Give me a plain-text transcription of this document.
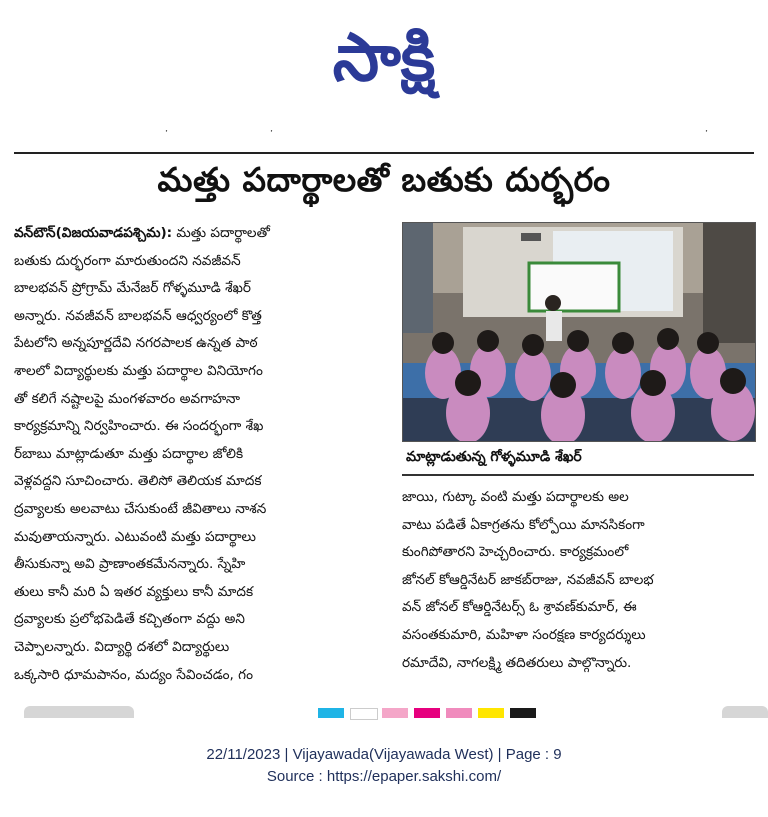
సాక్షి
᾽	᾽	᾽
మత్తు పదార్థాలతో బతుకు దుర్భరం
వన్‌టౌన్(విజయవాడపశ్చిమ): మత్తు పదార్థాలతో
బతుకు దుర్భరంగా మారుతుందని నవజీవన్
బాలభవన్ ప్రోగ్రామ్ మేనేజర్ గోళ్ళమూడి శేఖర్
అన్నారు. నవజీవన్ బాలభవన్ ఆధ్వర్యంలో కొత్త
పేటలోని అన్నపూర్ణదేవి నగరపాలక ఉన్నత పాఠ
శాలలో విద్యార్థులకు మత్తు పదార్థాల వినియోగం
తో కలిగే నష్టాలపై మంగళవారం అవగాహనా
కార్యక్రమాన్ని నిర్వహించారు. ఈ సందర్భంగా శేఖ
ర్‌బాబు మాట్లాడుతూ మత్తు పదార్థాల జోలికి
వెళ్లవద్దని సూచించారు. తెలిసో తెలియక మాదక
ద్రవ్యాలకు అలవాటు చేసుకుంటే జీవితాలు నాశన
మవుతాయన్నారు. ఎటువంటి మత్తు పదార్థాలు
తీసుకున్నా అవి ప్రాణాంతకమేనన్నారు. స్నేహి
తులు కానీ మరి ఏ ఇతర వ్యక్తులు కానీ మాదక
ద్రవ్యాలకు ప్రలోభపెడితే కచ్చితంగా వద్దు అని
చెప్పాలన్నారు. విద్యార్థి దశలో విద్యార్థులు
ఒక్కసారి ధూమపానం, మద్యం సేవించడం, గం
మాట్లాడుతున్న గోళ్ళమూడి శేఖర్
జాయి, గుట్కా వంటి మత్తు పదార్థాలకు అల
వాటు పడితే ఏకాగ్రతను కోల్పోయి మానసికంగా
కుంగిపోతారని హెచ్చరించారు. కార్యక్రమంలో
జోనల్ కోఆర్డినేటర్ జాకబ్‌రాజు, నవజీవన్ బాలభ
వన్ జోనల్ కోఆర్డినేటర్స్ ఓ శ్రావణ్‌కుమార్, ఈ
వసంతకుమారి, మహిళా సంరక్షణ కార్యదర్శులు
రమాదేవి, నాగలక్ష్మి తదితరులు పాల్గొన్నారు.
22/11/2023 | Vijayawada(Vijayawada West) | Page : 9
Source : https://epaper.sakshi.com/
